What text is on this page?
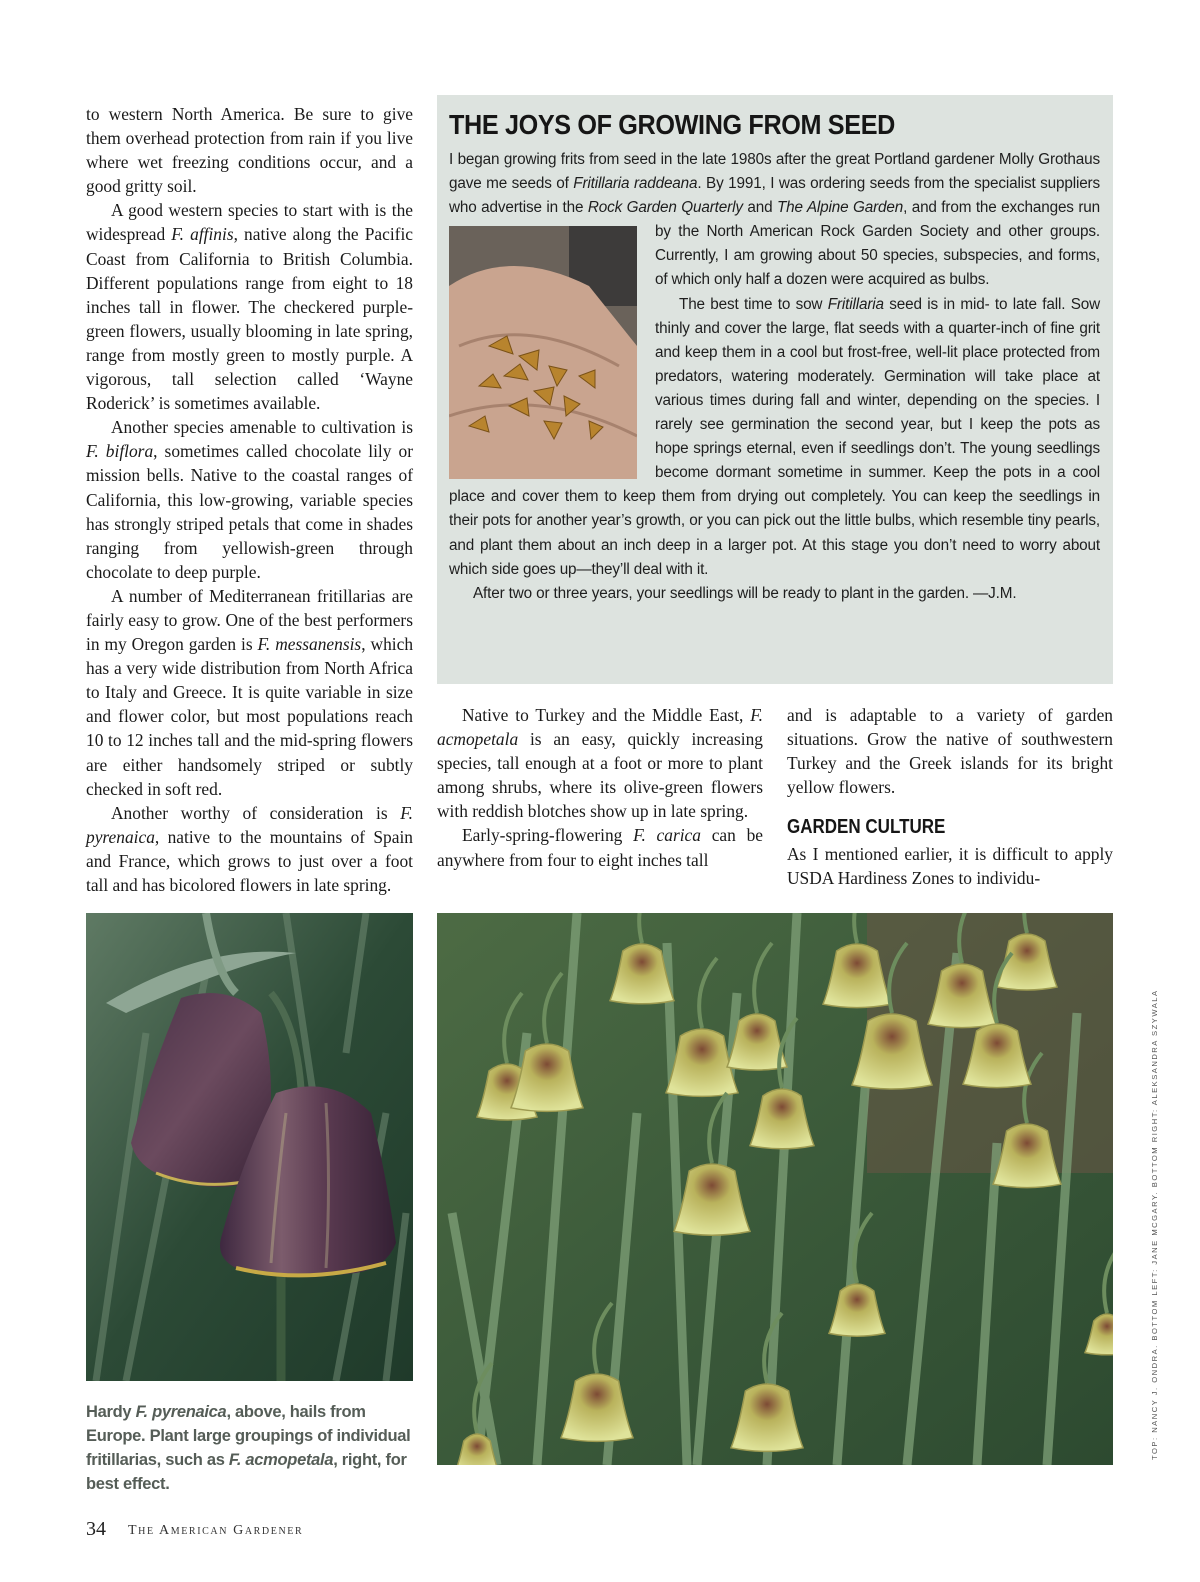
to western North America. Be sure to give them overhead protection from rain if you live where wet freezing conditions occur, and a good gritty soil.

A good western species to start with is the widespread F. affinis, native along the Pacific Coast from California to British Columbia. Different populations range from eight to 18 inches tall in flower. The checkered purple-green flowers, usually blooming in late spring, range from mostly green to mostly purple. A vigorous, tall selection called ‘Wayne Roderick’ is sometimes available.

Another species amenable to cultivation is F. biflora, sometimes called chocolate lily or mission bells. Native to the coastal ranges of California, this low-growing, variable species has strongly striped petals that come in shades ranging from yellowish-green through chocolate to deep purple.

A number of Mediterranean fritillarias are fairly easy to grow. One of the best performers in my Oregon garden is F. messanensis, which has a very wide distribution from North Africa to Italy and Greece. It is quite variable in size and flower color, but most populations reach 10 to 12 inches tall and the mid-spring flowers are either handsomely striped or subtly checked in soft red.

Another worthy of consideration is F. pyrenaica, native to the mountains of Spain and France, which grows to just over a foot tall and has bicolored flowers in late spring.

THE JOYS OF GROWING FROM SEED

I began growing frits from seed in the late 1980s after the great Portland gardener Molly Grothaus gave me seeds of Fritillaria raddeana. By 1991, I was ordering seeds from the specialist suppliers who advertise in the Rock Garden Quarterly and The Alpine Garden
, and from the exchanges run by the North American Rock Garden Society and other groups. Currently, I am growing about 50 species, subspecies, and forms, of which only half a dozen were acquired as bulbs.

The best time to sow Fritillaria seed is in mid- to late fall. Sow thinly and cover the large, flat seeds with a quarter-inch of fine grit and keep them in a cool but frost-free, well-lit place protected from predators, watering moderately. Germination will take place at various times during fall and winter, depending on the species. I rarely see germination the second year, but I keep the pots as hope springs eternal, even if seedlings don’t. The young seedlings become dormant sometime in summer. Keep the pots in a cool place and cover them to keep them from drying out completely. You can keep the seedlings in their pots for another year’s growth, or you can pick out the little bulbs, which resemble tiny pearls, and plant them about an inch deep in a larger pot. At this stage you don’t need to worry about which side goes up—they’ll deal with it.

After two or three years, your seedlings will be ready to plant in the garden. —J.M.

Native to Turkey and the Middle East, F. acmopetala is an easy, quickly increasing species, tall enough at a foot or more to plant among shrubs, where its olive-green flowers with reddish blotches show up in late spring.

Early-spring-flowering F. carica can be anywhere from four to eight inches tall

and is adaptable to a variety of garden situations. Grow the native of southwestern Turkey and the Greek islands for its bright yellow flowers.

GARDEN CULTURE

As I mentioned earlier, it is difficult to apply USDA Hardiness Zones to individu-

Hardy F. pyrenaica, above, hails from Europe. Plant large groupings of individual fritillarias, such as F. acmopetala, right, for best effect.
TOP: NANCY J. ONDRA. BOTTOM LEFT: JANE MCGARY. BOTTOM RIGHT: ALEKSANDRA SZYWALA
34 The American Gardener
